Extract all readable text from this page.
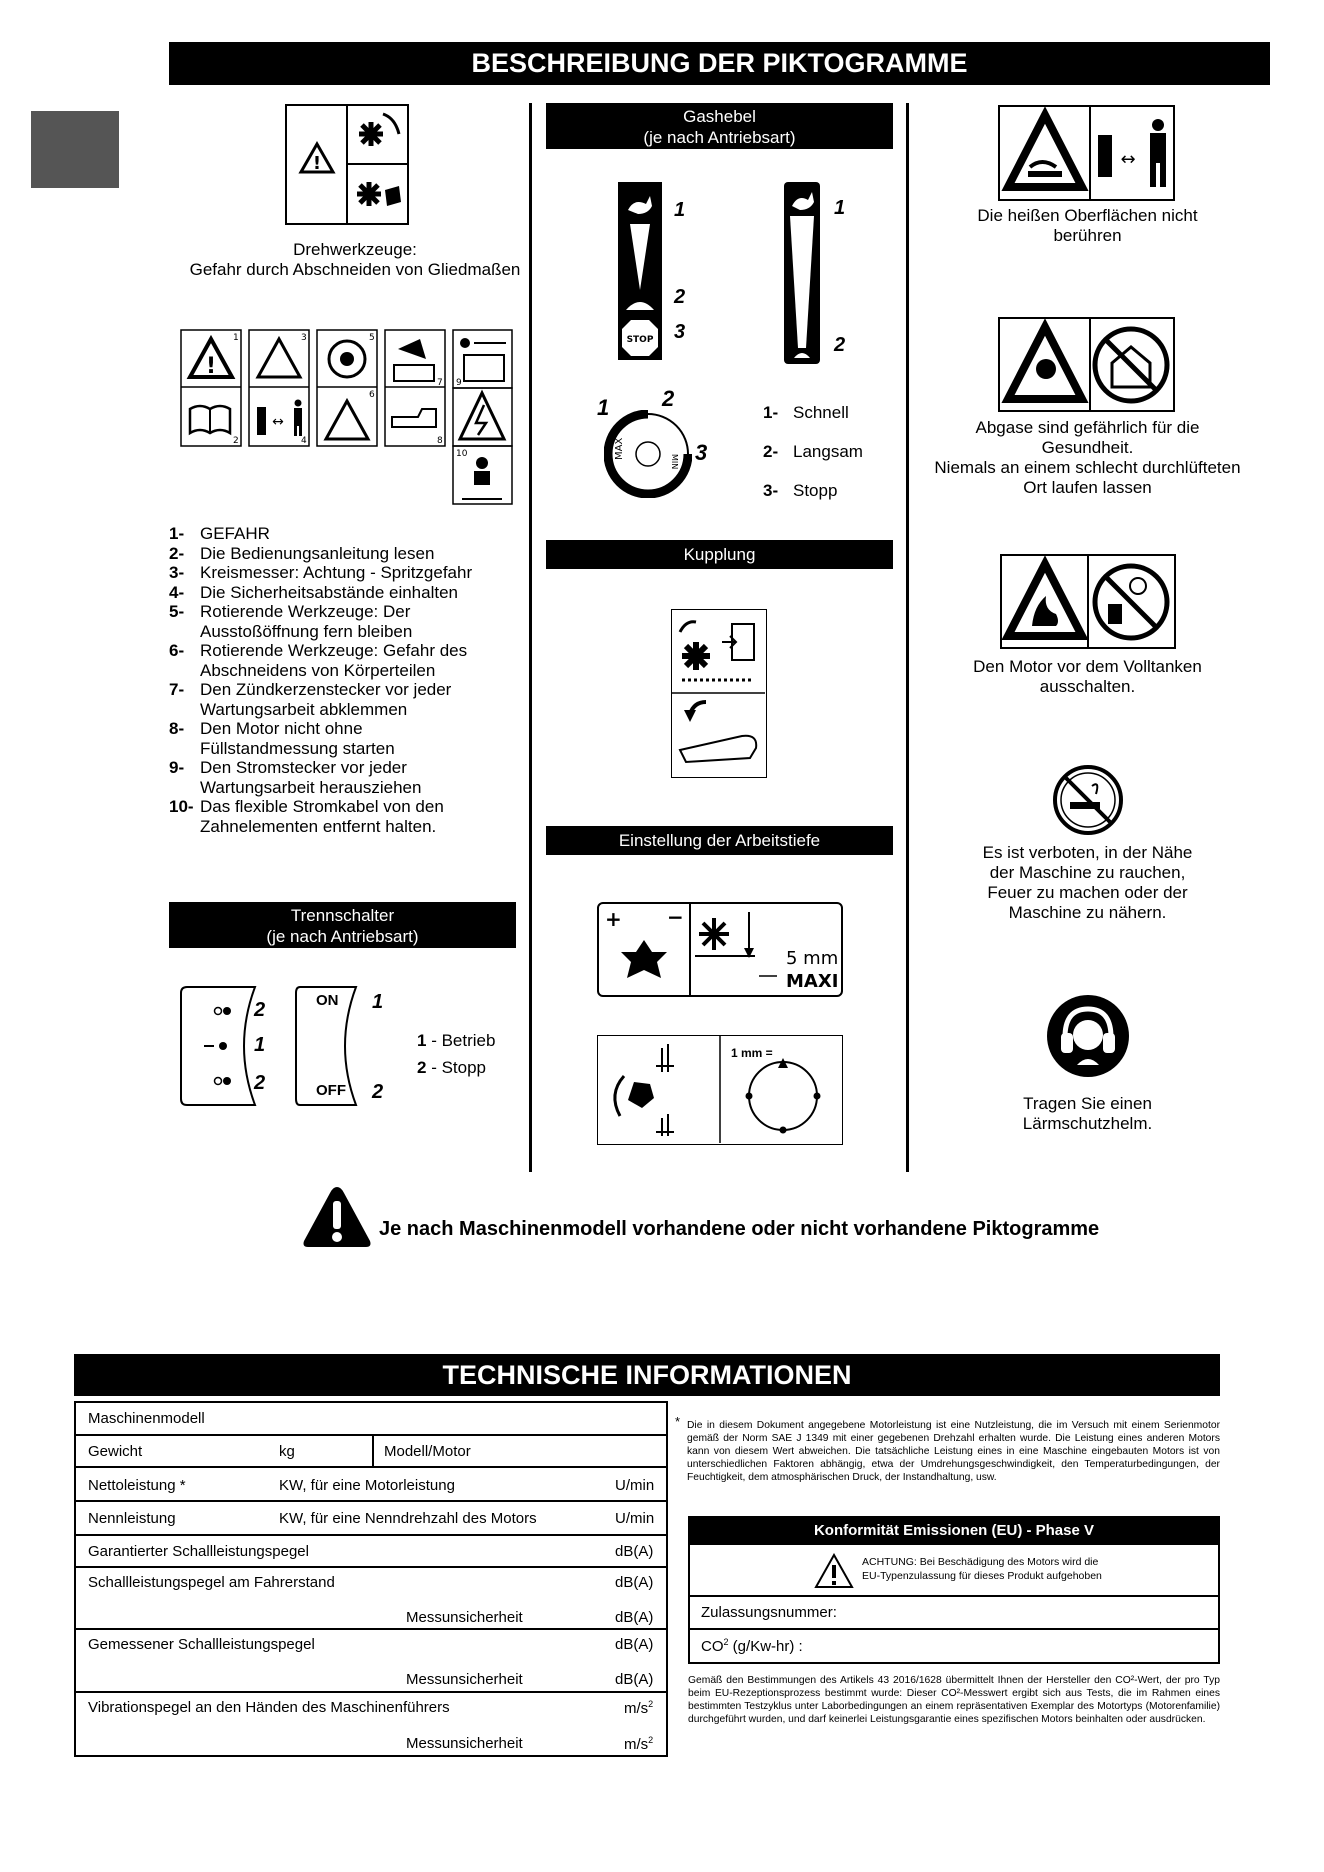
BESCHREIBUNG DER PIKTOGRAMME
!
Drehwerkzeuge:
Gefahr durch Abschneiden von Gliedmaßen
!
↔
1
2
3
4
5
6
7
8
9
10
1- GEFAHR
2- Die Bedienungsanleitung lesen
3- Kreismesser: Achtung - Spritzgefahr
4- Die Sicherheitsabstände einhalten
5- Rotierende Werkzeuge: Der Ausstoßöffnung fern bleiben
6- Rotierende Werkzeuge: Gefahr des Abschneidens von Körperteilen
7- Den Zündkerzenstecker vor jeder Wartungsarbeit abklemmen
8- Den Motor nicht ohne Füllstandmessung starten
9- Den Stromstecker vor jeder Wartungsarbeit herausziehen
10- Das flexible Stromkabel von den Zahnelementen entfernt halten.
Trennschalter
(je nach Antriebsart)
2
1
2
ON
OFF
1
2
1 - Betrieb
2 - Stopp
Gashebel
(je nach Antriebsart)
STOP
1
2
3
1
2
MAX
MIN
1 2
3
1- Schnell
2- Langsam
3- Stopp
Kupplung
Einstellung der Arbeitstiefe
+ −
5 mm
MAXI
1 mm =
↔
Die heißen Oberflächen nicht
berühren
Abgase sind gefährlich für die
Gesundheit.
Niemals an einem schlecht durchlüfteten
Ort laufen lassen
Den Motor vor dem Volltanken
ausschalten.
Es ist verboten, in der Nähe
der Maschine zu rauchen,
Feuer zu machen oder der
Maschine zu nähern.
Tragen Sie einen
Lärmschutzhelm.
Je nach Maschinenmodell vorhandene oder nicht vorhandene Piktogramme
TECHNISCHE INFORMATIONEN
Maschinenmodell
Gewicht	kg	Modell/Motor
Nettoleistung *	KW, für eine Motorleistung	U/min
Nennleistung	KW, für eine Nenndrehzahl des Motors	U/min
Garantierter Schallleistungspegel	dB(A)
Schallleistungspegel am Fahrerstand	dB(A)
Messunsicherheit	dB(A)
Gemessener Schallleistungspegel	dB(A)
Messunsicherheit	dB(A)
Vibrationspegel an den Händen des Maschinenführers	$m/s^2$
Messunsicherheit	$m/s^2$
* Die in diesem Dokument angegebene Motorleistung ist eine Nutzleistung, die im Versuch mit einem Serienmotor gemäß der Norm SAE J 1349 mit einer gegebenen Drehzahl erhalten wurde. Die Leistung eines anderen Motors kann von diesem Wert abweichen. Die tatsächliche Leistung eines in eine Maschine eingebauten Motors ist von unterschiedlichen Faktoren abhängig, etwa der Umdrehungsgeschwindigkeit, den Temperaturbedingungen, der Feuchtigkeit, dem atmosphärischen Druck, der Instandhaltung, usw.
Konformität Emissionen (EU) - Phase V
ACHTUNG: Bei Beschädigung des Motors wird die
EU-Typenzulassung für dieses Produkt aufgehoben
Zulassungsnummer:
$CO^2$ (g/Kw-hr) :
Gemäß den Bestimmungen des Artikels 43 2016/1628 übermittelt Ihnen der Hersteller den CO²-Wert, der pro Typ beim EU-Rezeptionsprozess bestimmt wurde: Dieser CO²-Messwert ergibt sich aus Tests, die im Rahmen eines bestimmten Testzyklus unter Laborbedingungen an einem repräsentativen Exemplar des Motortyps (Motorenfamilie) durchgeführt wurden, und darf keinerlei Leistungsgarantie eines spezifischen Motors beinhalten oder ausdrücken.
